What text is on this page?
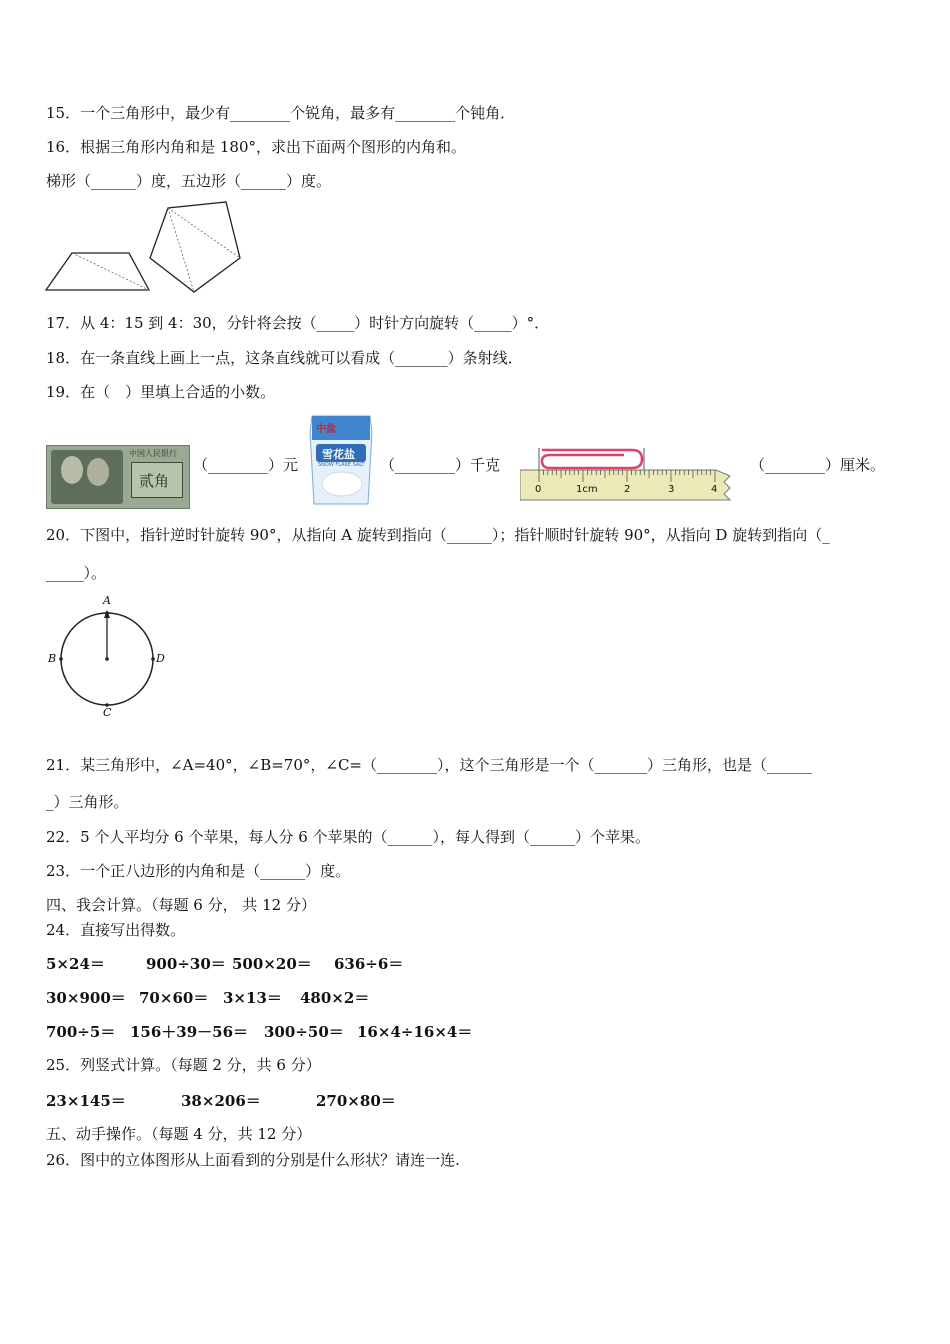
15．一个三角形中，最少有________个锐角，最多有________个钝角．
16．根据三角形内角和是 180°，求出下面两个图形的内角和。
梯形（______）度，五边形（______）度。
17．从 4：15 到 4：30，分针将会按（_____）时针方向旋转（_____）°．
18．在一条直线上画上一点，这条直线就可以看成（_______）条射线．
19．在（　）里填上合适的小数。
中国人民银行
贰角
（________）元
中盐
雪花盐
SNOW FLAKE SALT （________）千克
0	1cm	2	3	4
（________）厘米。
20．下图中，指针逆时针旋转 90°，从指向 A 旋转到指向（______）；指针顺时针旋转 90°，从指向 D 旋转到指向（_
_____）。
A
B
C
D
21．某三角形中，∠A=40°，∠B=70°，∠C=（________），这个三角形是一个（_______）三角形，也是（______
_）三角形。
22．5 个人平均分 6 个苹果，每人分 6 个苹果的（______），每人得到（______）个苹果。
23．一个正八边形的内角和是（______）度。
四、我会计算。（每题 6 分， 共 12 分）
24．直接写出得数。
5×24＝	900÷30＝ 500×20＝ 636÷6＝
30×900＝ 70×60＝ 3×13＝ 480×2＝
700÷5＝ 156＋39－56＝ 300÷50＝ 16×4÷16×4＝
25．列竖式计算。（每题 2 分，共 6 分）
23×145＝	38×206＝	270×80＝
五、动手操作。（每题 4 分，共 12 分）
26．图中的立体图形从上面看到的分别是什么形状？请连一连.
